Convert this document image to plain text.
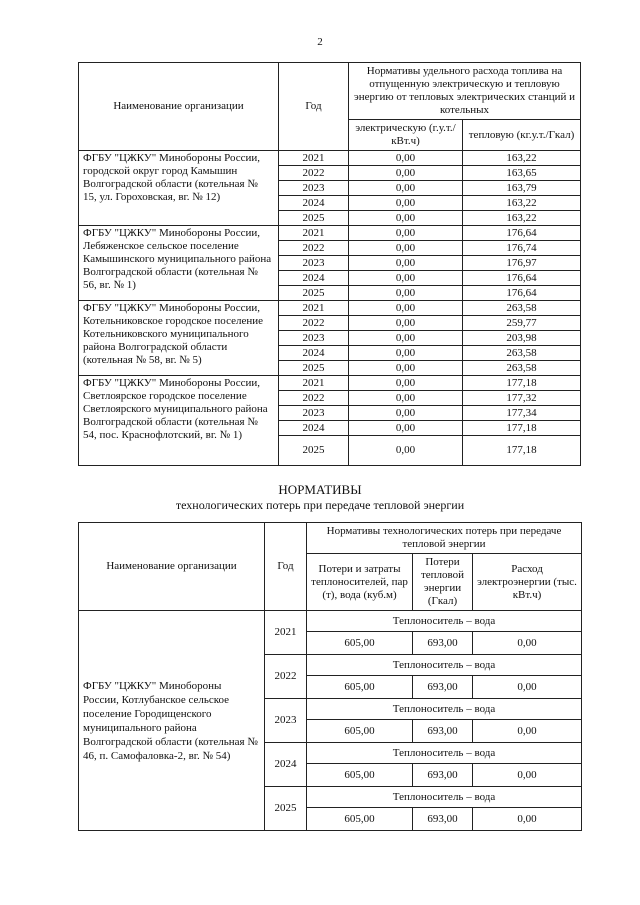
2
Наименование организации	Год	Нормативы удельного расхода топлива на отпущенную электрическую и тепловую энергию от тепловых электрических станций и котельных	
		электрическую (г.у.т./кВт.ч)	тепловую (кг.у.т./Гкал)
ФГБУ "ЦЖКУ" Минобороны России, городской округ город Камышин Волгоградской области (котельная № 15, ул. Гороховская, вг. № 12)	2021	0,00	163,22
	2022	0,00	163,65
	2023	0,00	163,79
	2024	0,00	163,22
	2025	0,00	163,22
ФГБУ "ЦЖКУ" Минобороны России, Лебяженское сельское поселение Камышинского муниципального района Волгоградской области (котельная № 56, вг. № 1)	2021	0,00	176,64
	2022	0,00	176,74
	2023	0,00	176,97
	2024	0,00	176,64
	2025	0,00	176,64
ФГБУ "ЦЖКУ" Минобороны России, Котельниковское городское поселение Котельниковского муниципального района Волгоградской области (котельная № 58, вг. № 5)	2021	0,00	263,58
	2022	0,00	259,77
	2023	0,00	203,98
	2024	0,00	263,58
	2025	0,00	263,58
ФГБУ "ЦЖКУ" Минобороны России, Светлоярское городское поселение Светлоярского муниципального района Волгоградской области (котельная № 54, пос. Краснофлотский, вг. № 1)	2021	0,00	177,18
	2022	0,00	177,32
	2023	0,00	177,34
	2024	0,00	177,18
	2025	0,00	177,18
НОРМАТИВЫ
технологических потерь при передаче тепловой энергии
Наименование организации	Год	Нормативы технологических потерь при передаче тепловой энергии		
		Потери и затраты теплоносителей, пар (т), вода (куб.м)	Потери тепловой энергии (Гкал)	Расход электроэнергии (тыс. кВт.ч)
ФГБУ "ЦЖКУ" Минобороны России, Котлубанское сельское поселение Городищенского муниципального района Волгоградской области (котельная № 46, п. Самофаловка-2, вг. № 54)	2021	Теплоноситель – вода		
		605,00	693,00	0,00
	2022	Теплоноситель – вода		
		605,00	693,00	0,00
	2023	Теплоноситель – вода		
		605,00	693,00	0,00
	2024	Теплоноситель – вода		
		605,00	693,00	0,00
	2025	Теплоноситель – вода		
		605,00	693,00	0,00
